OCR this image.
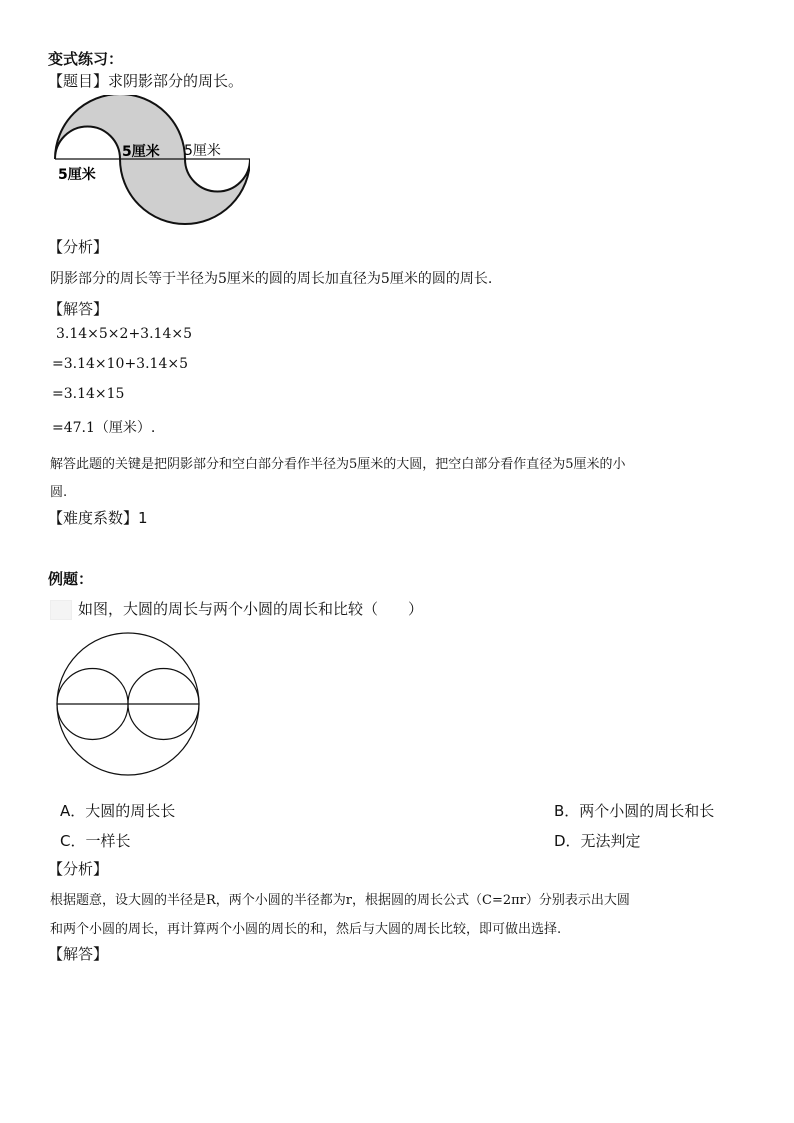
变式练习：
【题目】求阴影部分的周长。
5厘米
5厘米 5厘米
【分析】
阴影部分的周长等于半径为5厘米的圆的周长加直径为5厘米的圆的周长.
【解答】
3.14×5×2+3.14×5
=3.14×10+3.14×5
=3.14×15
=47.1（厘米）.
解答此题的关键是把阴影部分和空白部分看作半径为5厘米的大圆，把空白部分看作直径为5厘米的小
圆.
【难度系数】1
例题：
如图，大圆的周长与两个小圆的周长和比较（　　）
A．大圆的周长长	B．两个小圆的周长和长
C．一样长	D．无法判定
【分析】
根据题意，设大圆的半径是R，两个小圆的半径都为r，根据圆的周长公式（C=2πr）分别表示出大圆
和两个小圆的周长，再计算两个小圆的周长的和，然后与大圆的周长比较，即可做出选择.
【解答】
